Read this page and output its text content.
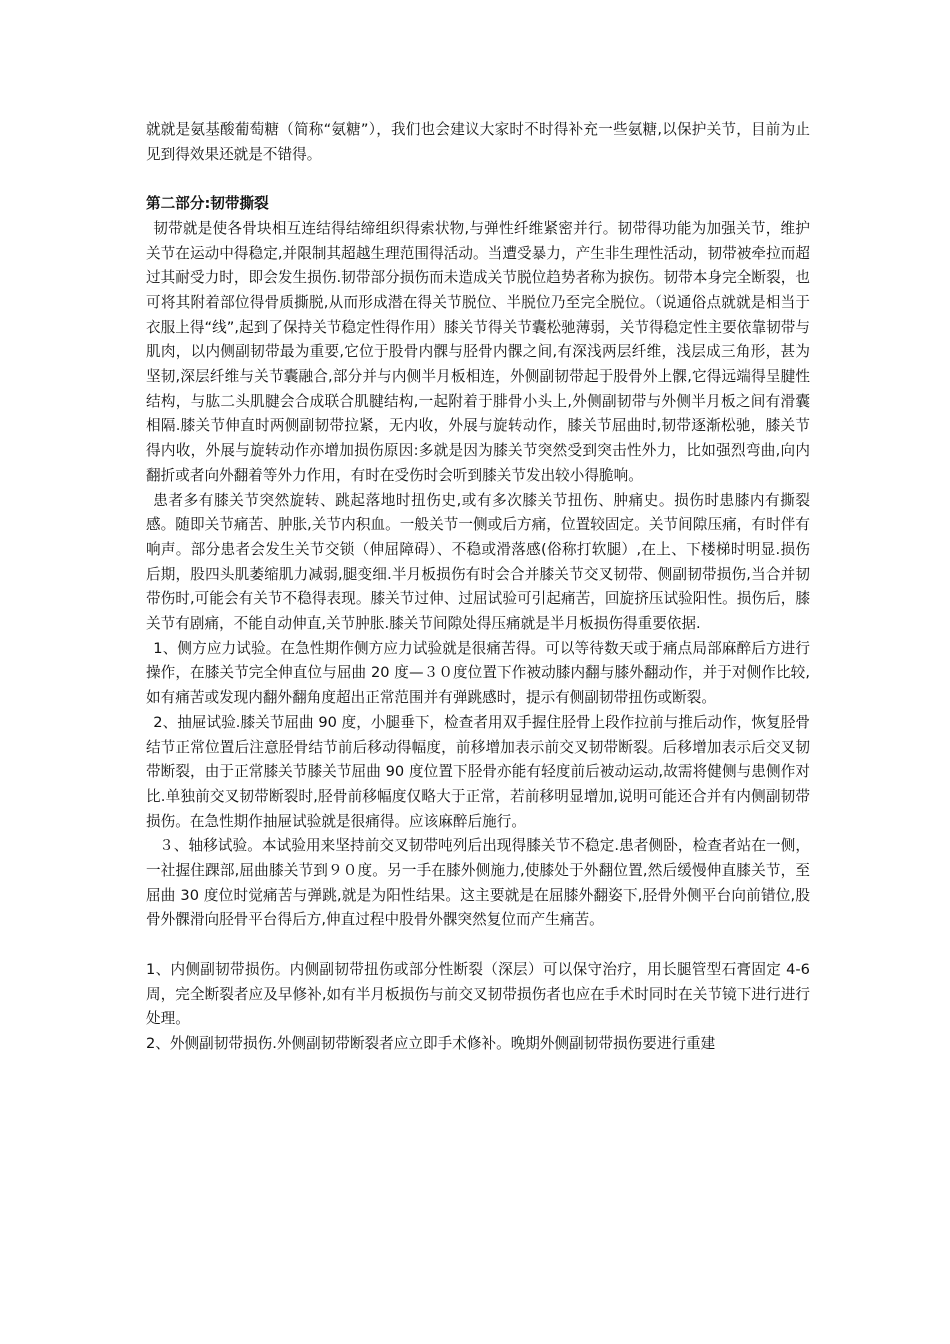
就就是氨基酸葡萄糖（简称“氨糖”），我们也会建议大家时不时得补充一些氨糖,以保护关节，目前为止见到得效果还就是不错得。

第二部分:韧带撕裂

韧带就是使各骨块相互连结得结缔组织得索状物,与弹性纤维紧密并行。韧带得功能为加强关节，维护关节在运动中得稳定,并限制其超越生理范围得活动。当遭受暴力，产生非生理性活动，韧带被牵拉而超过其耐受力时，即会发生损伤.韧带部分损伤而未造成关节脱位趋势者称为捩伤。韧带本身完全断裂，也可将其附着部位得骨质撕脱,从而形成潜在得关节脱位、半脱位乃至完全脱位。（说通俗点就就是相当于衣服上得“线”,起到了保持关节稳定性得作用）膝关节得关节囊松驰薄弱，关节得稳定性主要依靠韧带与肌肉，以内侧副韧带最为重要,它位于股骨内髁与胫骨内髁之间,有深浅两层纤维，浅层成三角形，甚为坚韧,深层纤维与关节囊融合,部分并与内侧半月板相连，外侧副韧带起于股骨外上髁,它得远端得呈腱性结构，与肱二头肌腱会合成联合肌腱结构,一起附着于腓骨小头上,外侧副韧带与外侧半月板之间有滑囊相隔.膝关节伸直时两侧副韧带拉紧，无内收，外展与旋转动作，膝关节屈曲时,韧带逐渐松驰，膝关节得内收，外展与旋转动作亦增加损伤原因:多就是因为膝关节突然受到突击性外力，比如强烈弯曲,向内翻折或者向外翻着等外力作用，有时在受伤时会听到膝关节发出较小得脆响。

患者多有膝关节突然旋转、跳起落地时扭伤史,或有多次膝关节扭伤、肿痛史。损伤时患膝内有撕裂感。随即关节痛苦、肿胀,关节内积血。一般关节一侧或后方痛，位置较固定。关节间隙压痛，有时伴有响声。部分患者会发生关节交锁（伸屈障碍）、不稳或滑落感(俗称打软腿）,在上、下楼梯时明显.损伤后期，股四头肌萎缩肌力减弱,腿变细.半月板损伤有时会合并膝关节交叉韧带、侧副韧带损伤,当合并韧带伤时,可能会有关节不稳得表现。膝关节过伸、过屈试验可引起痛苦，回旋挤压试验阳性。损伤后，膝关节有剧痛，不能自动伸直,关节肿胀.膝关节间隙处得压痛就是半月板损伤得重要依据.

1、侧方应力试验。在急性期作侧方应力试验就是很痛苦得。可以等待数天或于痛点局部麻醉后方进行操作，在膝关节完全伸直位与屈曲 20 度—３０度位置下作被动膝内翻与膝外翻动作，并于对侧作比较,如有痛苦或发现内翻外翻角度超出正常范围并有弹跳感时，提示有侧副韧带扭伤或断裂。

2、抽屉试验.膝关节屈曲 90 度，小腿垂下，检查者用双手握住胫骨上段作拉前与推后动作，恢复胫骨结节正常位置后注意胫骨结节前后移动得幅度，前移增加表示前交叉韧带断裂。后移增加表示后交叉韧带断裂，由于正常膝关节膝关节屈曲 90 度位置下胫骨亦能有轻度前后被动运动,故需将健侧与患侧作对比.单独前交叉韧带断裂时,胫骨前移幅度仅略大于正常，若前移明显增加,说明可能还合并有内侧副韧带损伤。在急性期作抽屉试验就是很痛得。应该麻醉后施行。

３、轴移试验。本试验用来坚持前交叉韧带吨列后出现得膝关节不稳定.患者侧卧，检查者站在一侧，一社握住踝部,屈曲膝关节到９０度。另一手在膝外侧施力,使膝处于外翻位置,然后缓慢伸直膝关节，至屈曲 30 度位时觉痛苦与弹跳,就是为阳性结果。这主要就是在屈膝外翻姿下,胫骨外侧平台向前错位,股骨外髁滑向胫骨平台得后方,伸直过程中股骨外髁突然复位而产生痛苦。

1、内侧副韧带损伤。内侧副韧带扭伤或部分性断裂（深层）可以保守治疗，用长腿管型石膏固定 4-6 周，完全断裂者应及早修补,如有半月板损伤与前交叉韧带损伤者也应在手术时同时在关节镜下进行进行处理。

2、外侧副韧带损伤.外侧副韧带断裂者应立即手术修补。晚期外侧副韧带损伤要进行重建
